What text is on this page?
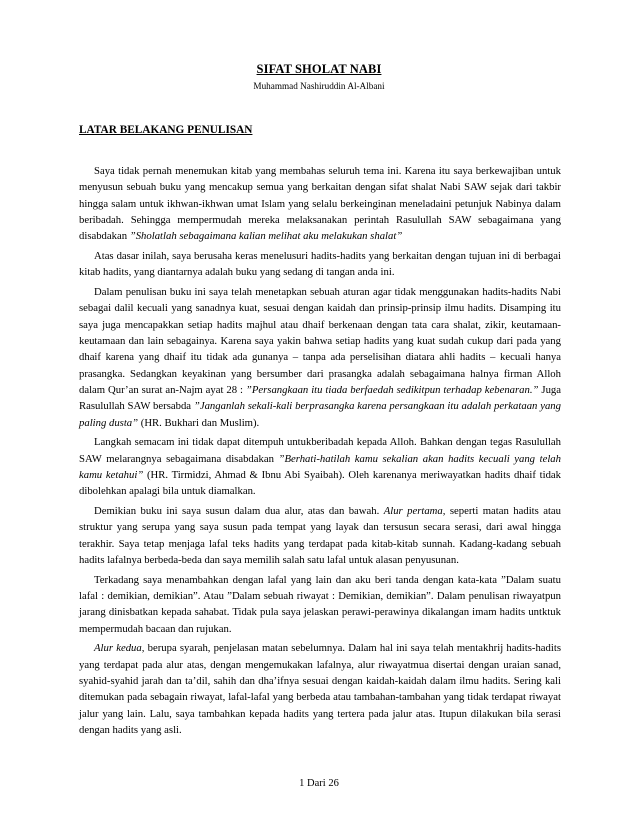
SIFAT SHOLAT NABI
Muhammad Nashiruddin Al-Albani
LATAR BELAKANG PENULISAN

Saya tidak pernah menemukan kitab yang membahas seluruh tema ini. Karena itu saya berkewajiban untuk menyusun sebuah buku yang mencakup semua yang berkaitan dengan sifat shalat Nabi SAW sejak dari takbir hingga salam untuk ikhwan-ikhwan umat Islam yang selalu berkeinginan meneladaini petunjuk Nabinya dalam beribadah. Sehingga mempermudah mereka melaksanakan perintah Rasulullah SAW sebagaimana yang disabdakan ”Sholatlah sebagaimana kalian melihat aku melakukan shalat”

Atas dasar inilah, saya berusaha keras menelusuri hadits-hadits yang berkaitan dengan tujuan ini di berbagai kitab hadits, yang diantarnya adalah buku yang sedang di tangan anda ini.

Dalam penulisan buku ini saya telah menetapkan sebuah aturan agar tidak menggunakan hadits-hadits Nabi sebagai dalil kecuali yang sanadnya kuat, sesuai dengan kaidah dan prinsip-prinsip ilmu hadits. Disamping itu saya juga mencapakkan setiap hadits majhul atau dhaif berkenaan dengan tata cara shalat, zikir, keutamaan-keutamaan dan lain sebagainya. Karena saya yakin bahwa setiap hadits yang kuat sudah cukup dari pada yang dhaif karena yang dhaif itu tidak ada gunanya – tanpa ada perselisihan diatara ahli hadits – kecuali hanya prasangka. Sedangkan keyakinan yang bersumber dari prasangka adalah sebagaimana halnya firman Alloh dalam Qur’an surat an-Najm ayat 28 : ”Persangkaan itu tiada berfaedah sedikitpun terhadap kebenaran.” Juga Rasulullah SAW bersabda ”Janganlah sekali-kali berprasangka karena persangkaan itu adalah perkataan yang paling dusta” (HR. Bukhari dan Muslim).

Langkah semacam ini tidak dapat ditempuh untukberibadah kepada Alloh. Bahkan dengan tegas Rasulullah SAW melarangnya sebagaimana disabdakan ”Berhati-hatilah kamu sekalian akan hadits kecuali yang telah kamu ketahui” (HR. Tirmidzi, Ahmad & Ibnu Abi Syaibah). Oleh karenanya meriwayatkan hadits dhaif tidak dibolehkan apalagi bila untuk diamalkan.

Demikian buku ini saya susun dalam dua alur, atas dan bawah. Alur pertama, seperti matan hadits atau struktur yang serupa yang saya susun pada tempat yang layak dan tersusun secara serasi, dari awal hingga terakhir. Saya tetap menjaga lafal teks hadits yang terdapat pada kitab-kitab sunnah. Kadang-kadang sebuah hadits lafalnya berbeda-beda dan saya memilih salah satu lafal untuk alasan penyusunan.

Terkadang saya menambahkan dengan lafal yang lain dan aku beri tanda dengan kata-kata ”Dalam suatu lafal : demikian, demikian”. Atau ”Dalam sebuah riwayat : Demikian, demikian”. Dalam penulisan riwayatpun jarang dinisbatkan kepada sahabat. Tidak pula saya jelaskan perawi-perawinya dikalangan imam hadits untktuk mempermudah bacaan dan rujukan.

Alur kedua, berupa syarah, penjelasan matan sebelumnya. Dalam hal ini saya telah mentakhrij hadits-hadits yang terdapat pada alur atas, dengan mengemukakan lafalnya, alur riwayatmua disertai dengan uraian sanad, syahid-syahid jarah dan ta’dil, sahih dan dha’ifnya sesuai dengan kaidah-kaidah dalam ilmu hadits. Sering kali ditemukan pada sebagain riwayat, lafal-lafal yang berbeda atau tambahan-tambahan yang tidak terdapat riwayat jalur yang lain. Lalu, saya tambahkan kepada hadits yang tertera pada jalur atas. Itupun dilakukan bila serasi dengan hadits yang asli.

1 Dari 26
